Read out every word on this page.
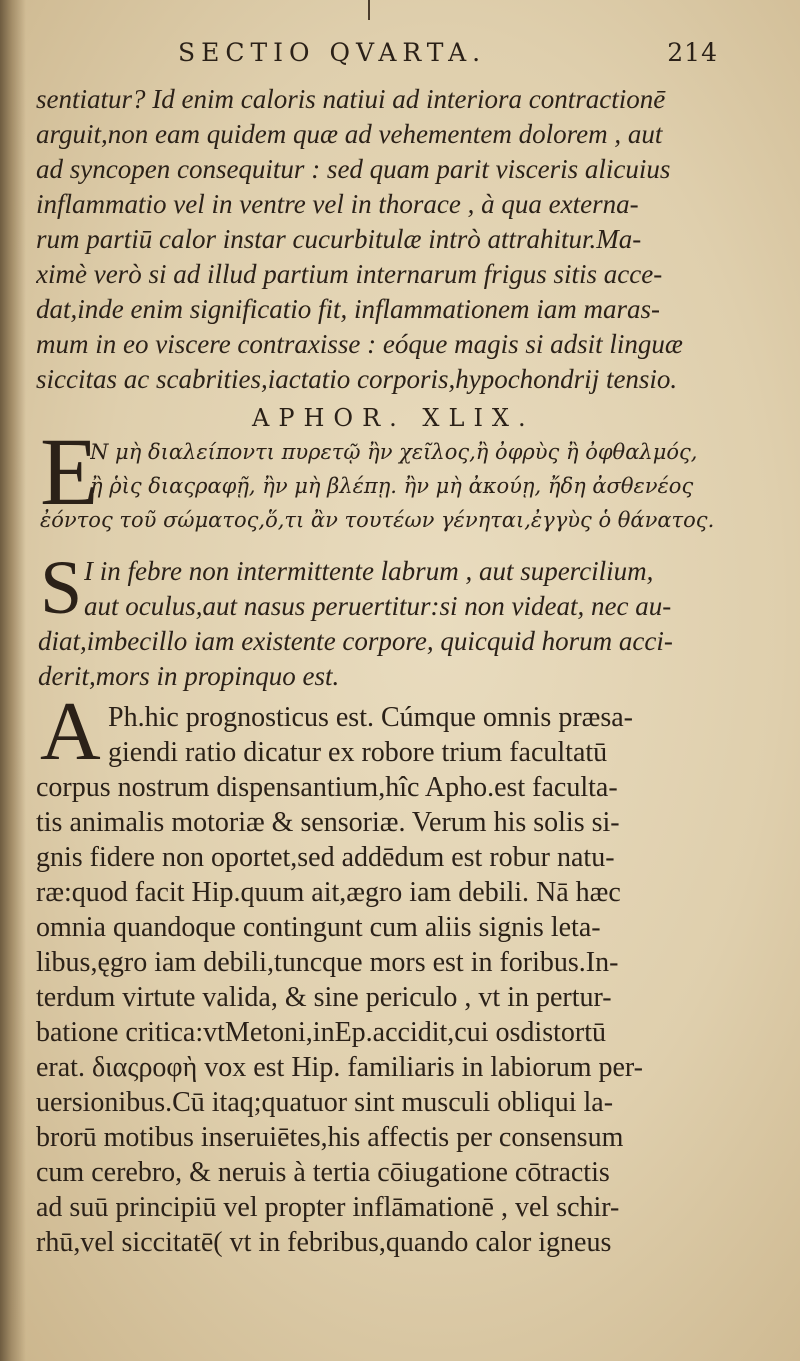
SECTIO QVARTA.	214
sentiatur? Id enim caloris natiui ad interiora contractionē
arguit,non eam quidem quæ ad vehementem dolorem , aut
ad syncopen consequitur : sed quam parit visceris alicuius
inflammatio vel in ventre vel in thorace , à qua externa-
rum partiū calor instar cucurbitulæ intrò attrahitur.Ma-
ximè verò si ad illud partium internarum frigus sitis acce-
dat,inde enim significatio fit, inflammationem iam maras-
mum in eo viscere contraxisse : eóque magis si adsit linguæ
siccitas ac scabrities,iactatio corporis,hypochondrij tensio.
APHOR. XLIX.
E
N μὴ διαλείποντι πυρετῷ ἢν χεῖλος,ἢ ὀφρὺς ἢ ὀφθαλμός,
ἢ ῥὶς διαςραφῇ, ἢν μὴ βλέπῃ. ἢν μὴ ἀκούῃ, ἤδη ἀσθενέος
ἐόντος τοῦ σώματος,ὅ,τι ἂν τουτέων γένηται,ἐγγὺς ὁ θάνατος.
S I in febre non intermittente labrum , aut supercilium,
aut oculus,aut nasus peruertitur:si non videat, nec au-
diat,imbecillo iam existente corpore, quicquid horum acci-
derit,mors in propinquo est.
A Ph.hic prognosticus est. Cúmque omnis præsa-
giendi ratio dicatur ex robore trium facultatū
corpus nostrum dispensantium,hîc Apho.est faculta-
tis animalis motoriæ & sensoriæ. Verum his solis si-
gnis fidere non oportet,sed addēdum est robur natu-
ræ:quod facit Hip.quum ait,ægro iam debili. Nā hæc
omnia quandoque contingunt cum aliis signis leta-
libus,ęgro iam debili,tuncque mors est in foribus.In-
terdum virtute valida, & sine periculo , vt in pertur-
batione critica:vtMetoni,inEp.accidit,cui osdistortū
erat. διαςροφὴ vox est Hip. familiaris in labiorum per-
uersionibus.Cū itaq;quatuor sint musculi obliqui la-
brorū motibus inseruiētes,his affectis per consensum
cum cerebro, & neruis à tertia cōiugatione cōtractis
ad suū principiū vel propter inflāmationē , vel schir-
rhū,vel siccitatē( vt in febribus,quando calor igneus
